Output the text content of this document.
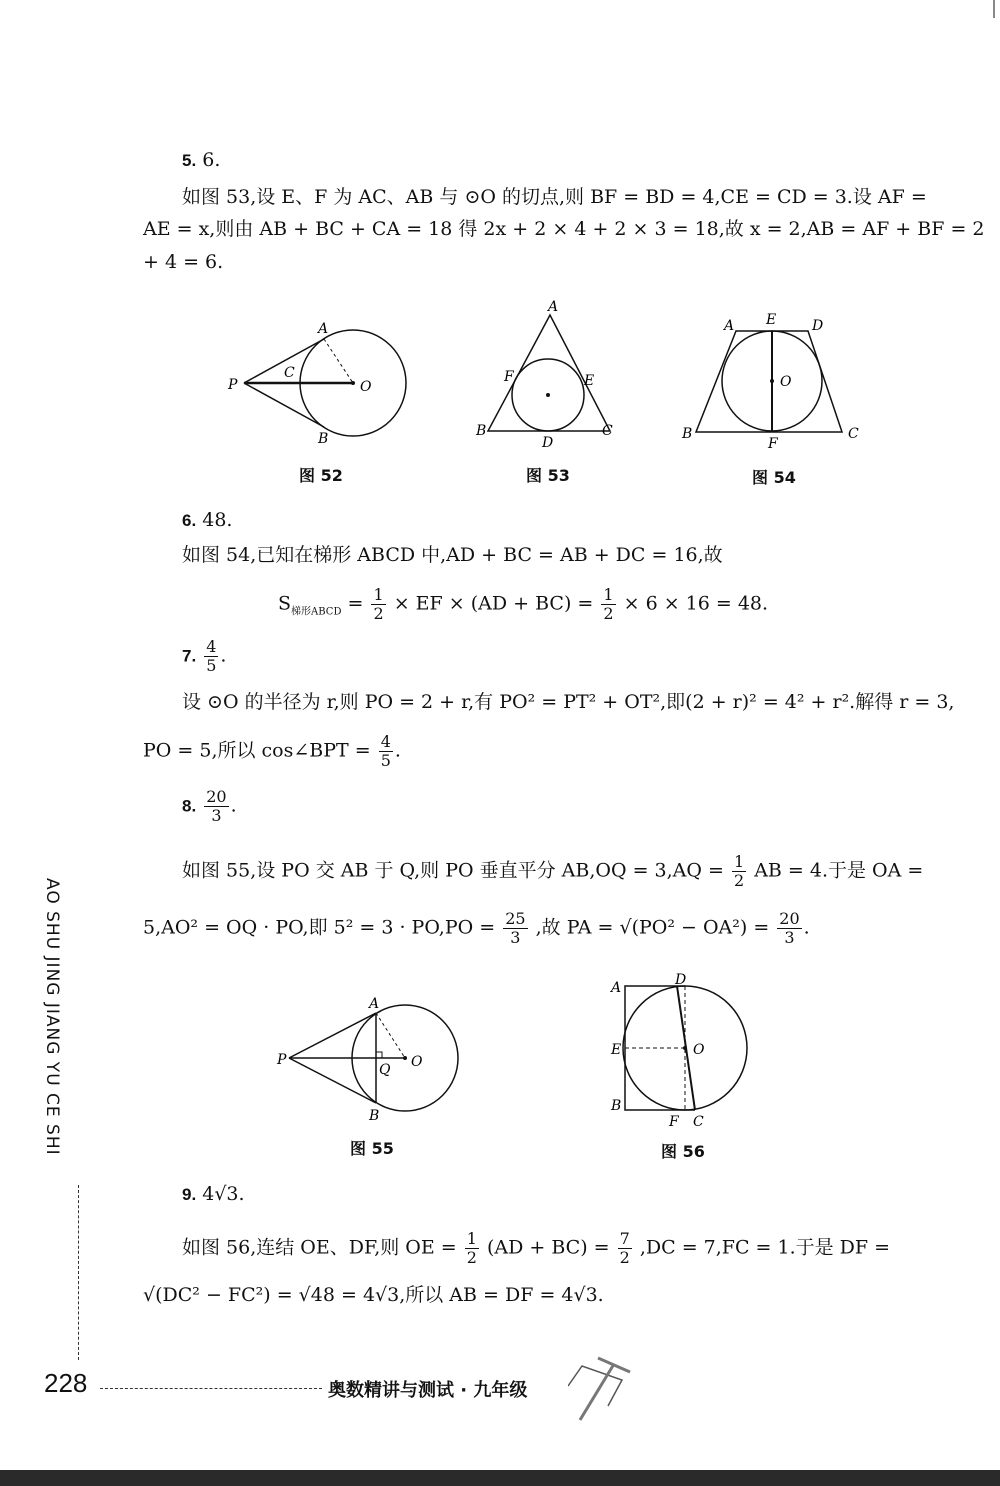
5. 6.
如图 53,设 E、F 为 AC、AB 与 ⊙O 的切点,则 BF = BD = 4,CE = CD = 3.设 AF =
AE = x,则由 AB + BC + CA = 18 得 2x + 2 × 4 + 2 × 3 = 18,故 x = 2,AB = AF + BF = 2
+ 4 = 6.
A
P
C
O
B
图 52
A
F	E
B
D
C
图 53
A E	D
O
B
F
C
图 54
6. 48.
如图 54,已知在梯形 ABCD 中,AD + BC = AB + DC = 16,故
$S_{梯形ABCD} = \frac{1}{2}$ × EF × $(AD + BC) = \frac{1}{2} \times 6 \times 16 = 48$.
7. $\frac{4}{5}$ .
设 ⊙O 的半径为 r,则 PO = 2 + r,有 PO² = PT² + OT²,即(2 + r)² = 4² + r².解得 r = 3,
PO = 5,所以 cos∠BPT = $\frac{4}{5}$ .
8. $\frac{20}{3}$ .
如图 55,设 PO 交 AB 于 Q,则 PO 垂直平分 $AB,OQ = 3,AQ = \frac{1}{2}$ AB = 4.于是 OA =
5,AO² = OQ · PO,即 $5^2 = 3 \cdot PO,PO = \frac{25}{3}$ ,故 PA = $√(PO^2 - OA^2) = \frac{20}{3}$ .
A
P
Q O
B
图 55
A	D
E	O
B
F C
图 56
9. 4√3.
如图 56,连结 OE、DF,则 OE = $\frac{1}{2} (AD + BC) = \frac{7}{2} ,DC = 7,FC = 1$.于是 DF =
√(DC² − FC²) = √48 = 4√3,所以 AB = DF = 4√3.
AO SHU JING JIANG YU CE SHI
228	奥数精讲与测试 · 九年级
